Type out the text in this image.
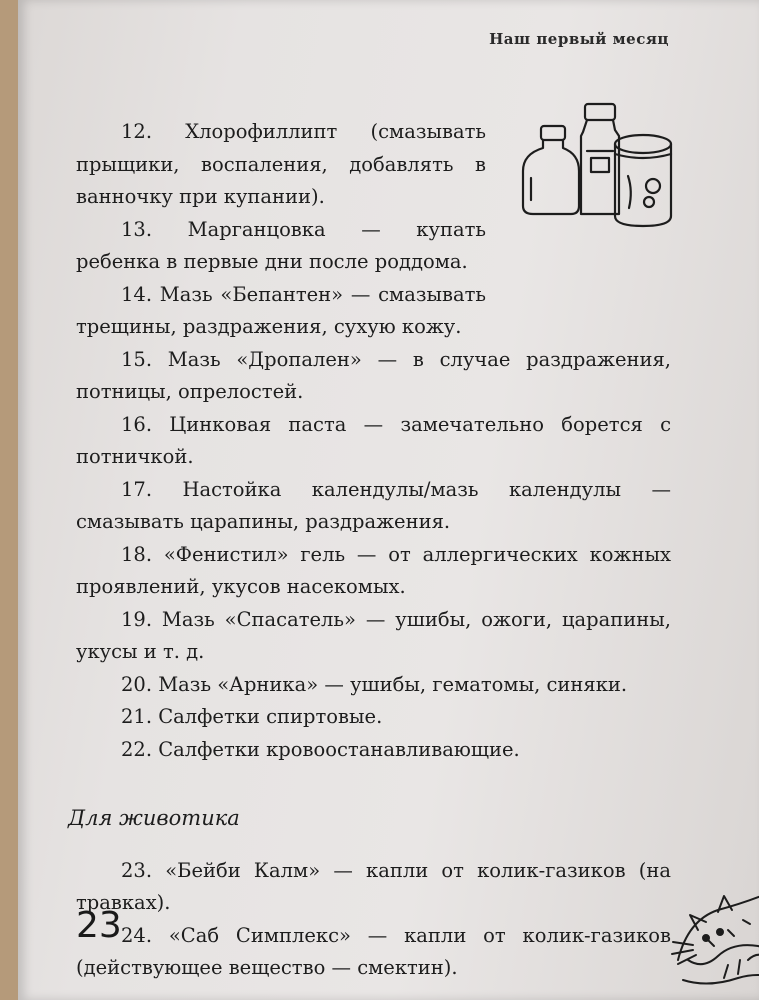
Наш первый месяц

12. Хлорофиллипт (смазывать прыщики, воспаления, добавлять в ванночку при купании).

13. Марганцовка — купать ребенка в первые дни после роддома.

14. Мазь «Бепантен» — смазывать трещины, раздражения, сухую кожу.

15. Мазь «Дропален» — в случае раздражения, потницы, опрелостей.

16. Цинковая паста — замечательно борется с потничкой.

17. Настойка календулы/мазь календулы — смазывать царапины, раздражения.

18. «Фенистил» гель — от аллергических кожных проявлений, укусов насекомых.

19. Мазь «Спасатель» — ушибы, ожоги, царапины, укусы и т. д.

20. Мазь «Арника» — ушибы, гематомы, синяки.

21. Салфетки спиртовые.

22. Салфетки кровоостанавливающие.

Для животика

23. «Бейби Калм» — капли от колик-газиков (на травках).

24. «Саб Симплекс» — капли от колик-газиков (действующее вещество — смектин).

23
